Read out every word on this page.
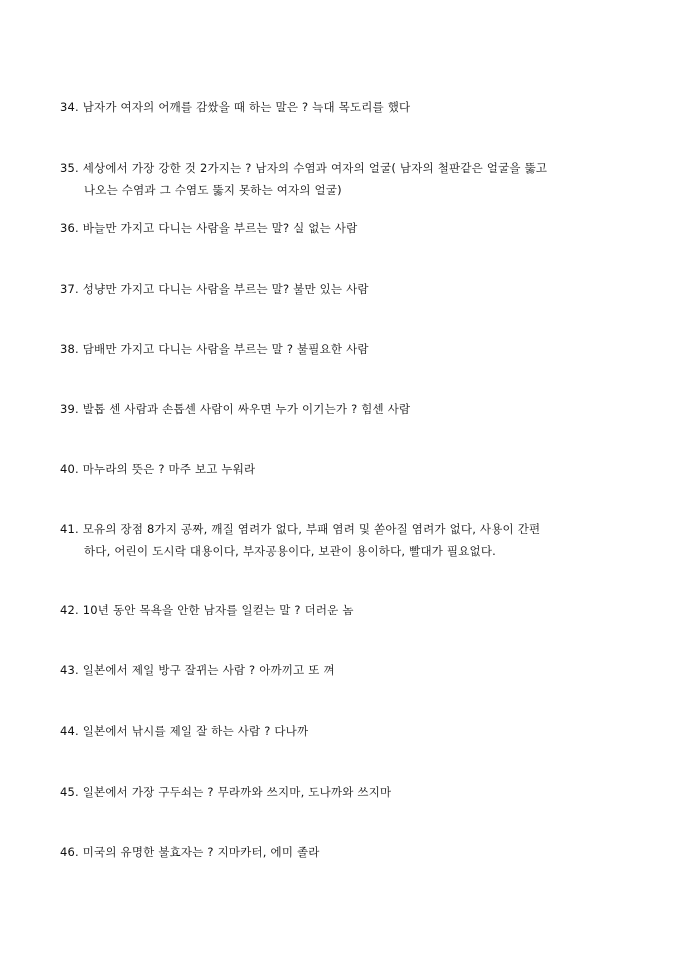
34. 남자가 여자의 어깨를 감쌌을 때 하는 말은 ? 늑대 목도리를 했다
35. 세상에서 가장 강한 것 2가지는 ? 남자의 수염과 여자의 얼굴( 남자의 철판같은 얼굴을 뚫고
나오는 수염과 그 수염도 뚫지 못하는 여자의 얼굴)
36. 바늘만 가지고 다니는 사람을 부르는 말? 실 없는 사람
37. 성냥만 가지고 다니는 사람을 부르는 말? 불만 있는 사람
38. 담배만 가지고 다니는 사람을 부르는 말 ? 불필요한 사람
39. 발톱 센 사람과 손톱센 사람이 싸우면 누가 이기는가 ? 힘센 사람
40. 마누라의 뜻은 ? 마주 보고 누워라
41. 모유의 장점 8가지 공짜, 깨질 염려가 없다, 부패 염려 및 쏟아질 염려가 없다, 사용이 간편
하다, 어린이 도시락 대용이다, 부자공용이다, 보관이 용이하다, 빨대가 필요없다.
42. 10년 동안 목욕을 안한 남자를 일컫는 말 ? 더러운 놈
43. 일본에서 제일 방구 잘뀌는 사람 ? 아까끼고 또 껴
44. 일본에서 낚시를 제일 잘 하는 사람 ? 다나까
45. 일본에서 가장 구두쇠는 ? 무라까와 쓰지마, 도나까와 쓰지마
46. 미국의 유명한 불효자는 ? 지마카터, 에미 졸라
